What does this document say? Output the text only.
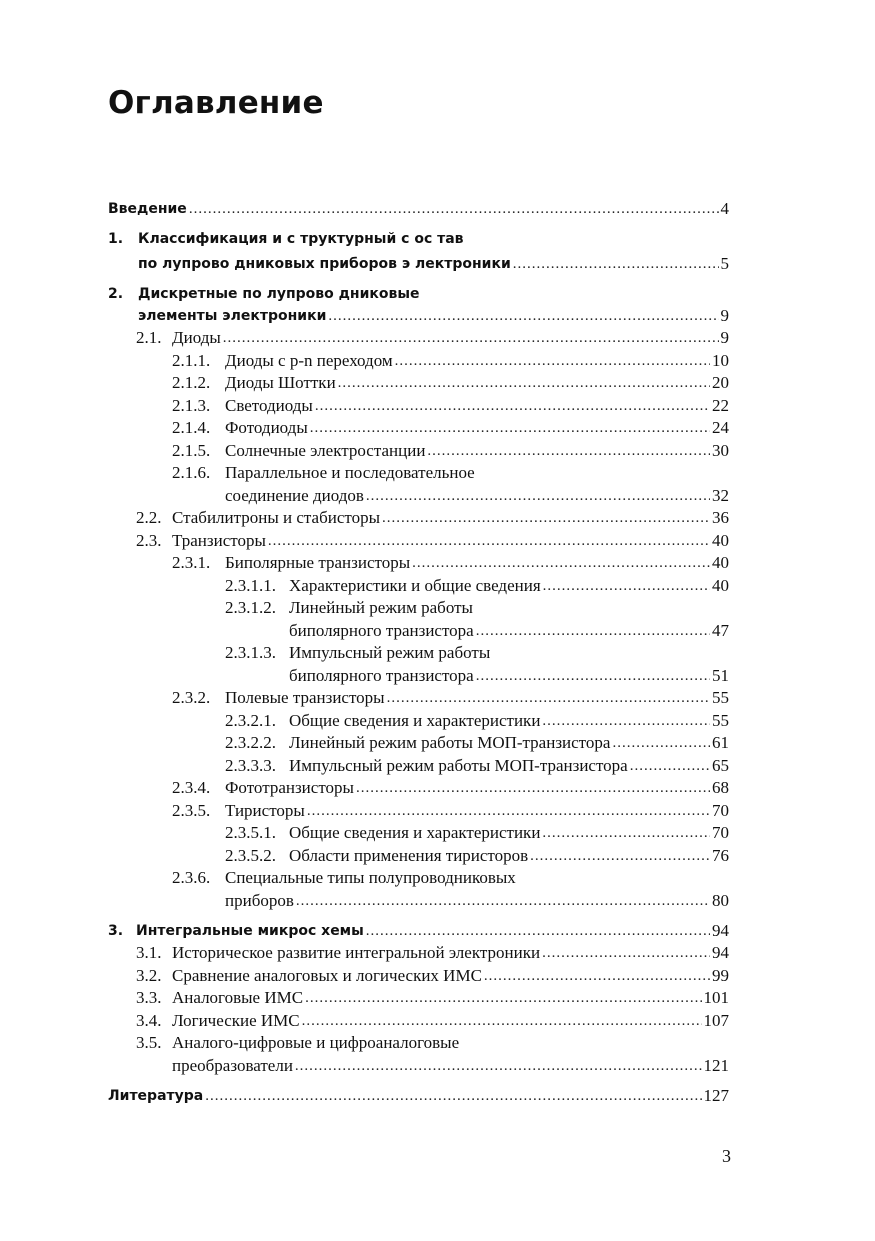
Оглавление
Введение .....	4
1.	Классификация и с труктурный с ос тав
по лупрово дниковых приборов э лектроники .....	5
2.	Дискретные по лупрово дниковые
элементы электроники .....	9
2.1. Диоды .....	9
2.1.1. Диоды с p-n переходом .....	10
2.1.2. Диоды Шоттки .....	20
2.1.3. Светодиоды .....	22
2.1.4. Фотодиоды .....	24
2.1.5. Солнечные электростанции .....	30
2.1.6. Параллельное и последовательное
соединение диодов .....	32
2.2. Стабилитроны и стабисторы .....	36
2.3. Транзисторы .....	40
2.3.1. Биполярные транзисторы .....	40
2.3.1.1. Характеристики и общие сведения .....	40
2.3.1.2. Линейный режим работы
биполярного транзистора .....	47
2.3.1.3. Импульсный режим работы
биполярного транзистора .....	51
2.3.2. Полевые транзисторы .....	55
2.3.2.1. Общие сведения и характеристики .....	55
2.3.2.2. Линейный режим работы МОП-транзистора .....	61
2.3.3.3. Импульсный режим работы МОП-транзистора .....	65
2.3.4. Фототранзисторы .....	68
2.3.5. Тиристоры .....	70
2.3.5.1. Общие сведения и характеристики .....	70
2.3.5.2. Области применения тиристоров .....	76
2.3.6. Специальные типы полупроводниковых
приборов .....	80
3. Интегральные микрос хемы .....	94
3.1. Историческое развитие интегральной электроники .....	94
3.2. Сравнение аналоговых и логических ИМС .....	99
3.3. Аналоговые ИМС .....	101
3.4. Логические ИМС .....	107
3.5. Аналого-цифровые и цифроаналоговые
преобразователи .....	121
Литература .....	127
3
